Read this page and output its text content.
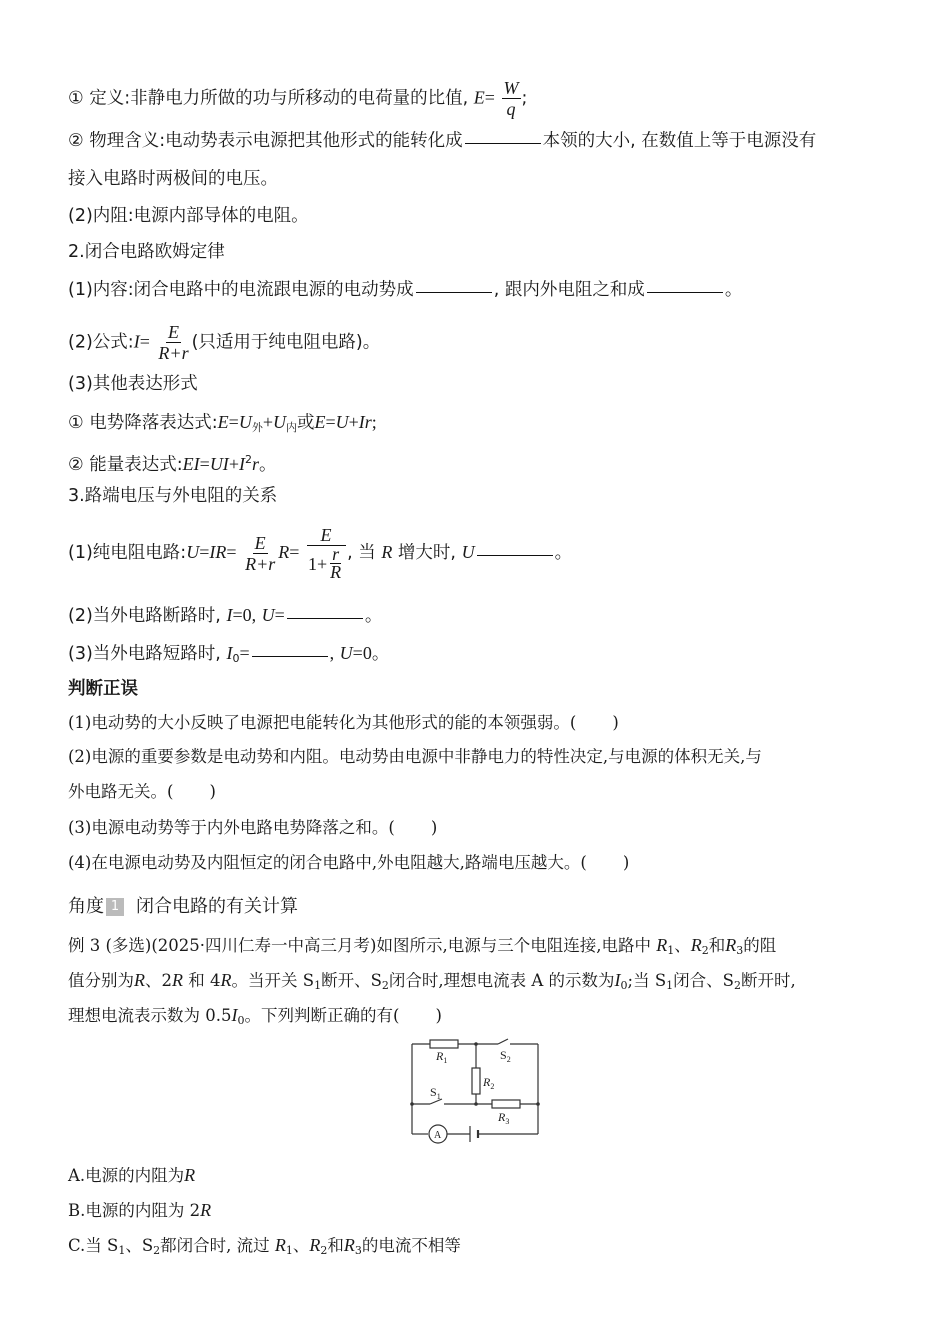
① 定义:非静电力所做的功与所移动的电荷量的比值, $E= \frac{W}{q}$ ;
② 物理含义:电动势表示电源把其他形式的能转化成	本领的大小, 在数值上等于电源没有
接入电路时两极间的电压。
(2)内阻:电源内部导体的电阻。
2.闭合电路欧姆定律
(1)内容:闭合电路中的电流跟电源的电动势成	, 跟内外电阻之和成	。
(2)公式:I= $\frac{E}{R+r}$ (只适用于纯电阻电路)。
(3)其他表达形式
① 电势降落表达式$:E=U_外+U_内$或E=U+Ir;
② 能量表达式$:EI=UI+I^2r$。
3.路端电压与外电阻的关系
(1)纯电阻电路:U=IR= $\frac{E}{R+r} R= \frac{E}{1+ \frac{r}{R}}$ , 当 R 增大时, U	。
(2)当外电路断路时, I=0, U=	。
(3)当外电路短路时, $I_0=$	, U=0。
判断正误
(1)电动势的大小反映了电源把电能转化为其他形式的能的本领强弱。( )
(2)电源的重要参数是电动势和内阻。电动势由电源中非静电力的特性决定,与电源的体积无关,与
外电路无关。( )
(3)电源电动势等于内外电路电势降落之和。( )
(4)在电源电动势及内阻恒定的闭合电路中,外电阻越大,路端电压越大。( )
角度 1 闭合电路的有关计算
例 3 (多选)(2025·四川仁寿一中高三月考)如图所示,电源与三个电阻连接,电路中 $R_1$、$R_2$和$R_3$的阻
值分别为R、2R 和 4R。当开关 $S_1$断开、$S_2$闭合时,理想电流表 A 的示数为$I_0$;当 $S_1$闭合、$S_2$断开时,
理想电流表示数为 $0.5I_0$。下列判断正确的有( )
$R_1$
$R_2$
$R_3$
$S_2$
$S_1$
A
A.电源的内阻为R
B.电源的内阻为 2R
C.当 $S_1$、$S_2$都闭合时, 流过 $R_1$、$R_2$和$R_3$的电流不相等
